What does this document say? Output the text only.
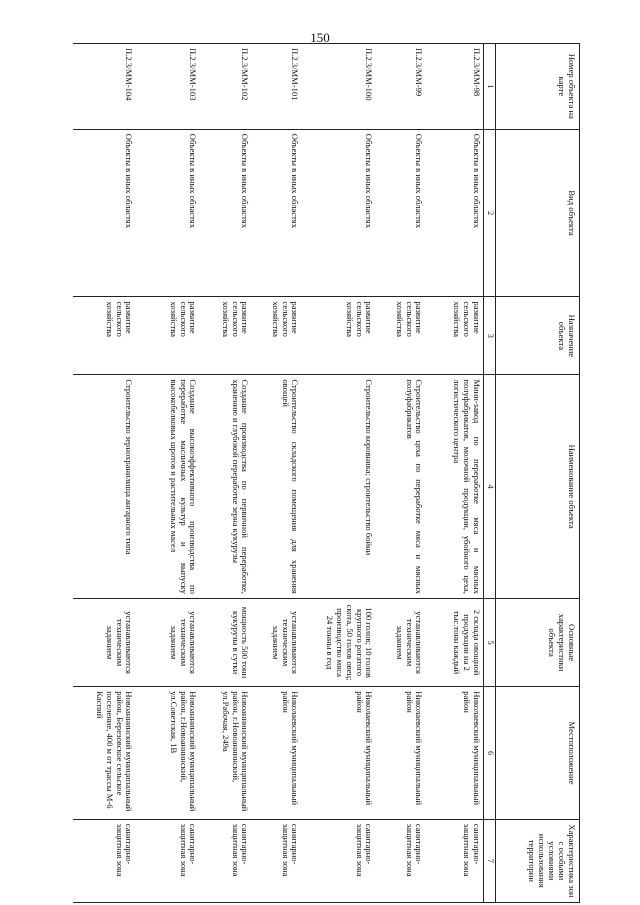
150
Номер объекта на карте	Вид объекта	Назначение объекта	Наименование объекта	Основные характеристики объекта	Местоположение	Характеристика зон с особыми условиями использования территории
1	2	3	4	5	6	7
П.2.3/ММ-98	Объекты в иных областях	развитие сельского хозяйства	Мини-завод по переработке мяса и мясных полуфабрикатов, молочной продукции, убойного цеха, логистического центра	2 склада овощной продукции на 2 тыс.тонн каждый	Николаевский муниципальный район	санитарно-защитная зона
П.2.3/ММ-99	Объекты в иных областях	развитие сельского хозяйства	Строительство цеха по переработке мяса и мясных полуфабрикатов	устанавливаются техническим заданием	Николаевский муниципальный район	санитарно-защитная зона
П.2.3/ММ-100	Объекты в иных областях	развитие сельского хозяйства	Строительство коровника; строительство бойни	100 голов; 10 голов крупного рогатого скота, 50 голов овец; производство мяса 24 тонны в год	Николаевский муниципальный район	санитарно-защитная зона
П.2.3/ММ-101	Объекты в иных областях	развитие сельского хозяйства	Строительство складского помещения для хранения овощей	устанавливаются техническим заданием	Николаевский муниципальный район	санитарно-защитная зона
П.2.3/ММ-102	Объекты в иных областях	развитие сельского хозяйства	Создание производства по первичной переработке, хранению и глубокой переработке зерна кукурузы	мощность 500 тонн кукурузы в сутки	Новоаннинский муниципальный район, г.Новоаннинский, ул.Рабочая, 249а	санитарно-защитная зона
П.2.3/ММ-103	Объекты в иных областях	развитие сельского хозяйства	Создание высокоэффективного производства по переработке масличных культур и выпуску высокобелковых шротов и растительных масел	устанавливаются техническим заданием	Новоаннинский муниципальный район, г.Новоаннинский, ул.Советская, 1В	санитарно-защитная зона
П.2.3/ММ-104	Объекты в иных областях	развитие сельского хозяйства	Строительство зернохранилища ангарного типа	устанавливаются техническим заданием	Новоаннинский муниципальный район, Березовское сельское поселение, 400 м от трассы М-6 Каспий	санитарно-защитная зона
